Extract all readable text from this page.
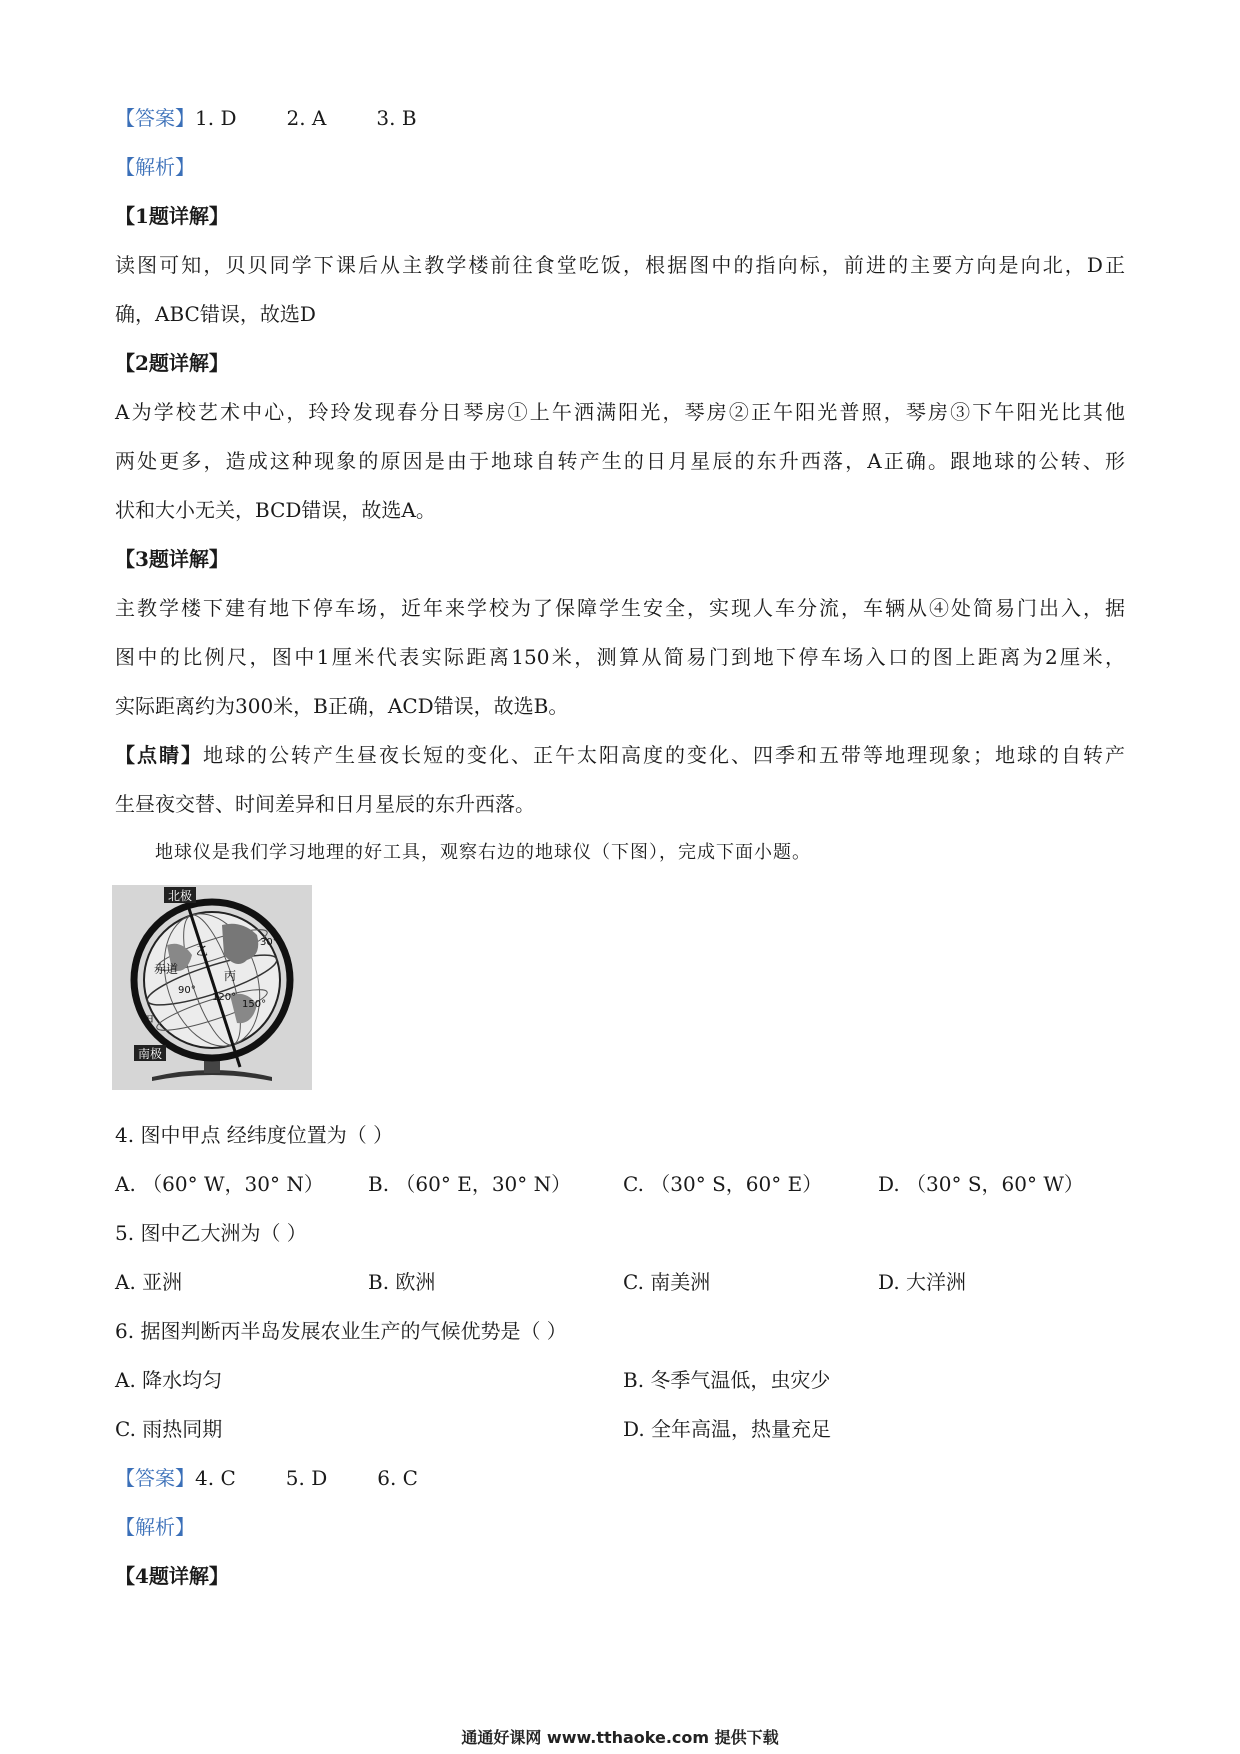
【答案】1. D	2. A	3. B
【解析】
【1题详解】
读图可知，贝贝同学下课后从主教学楼前往食堂吃饭，根据图中的指向标，前进的主要方向是向北，D正
确，ABC错误，故选D
【2题详解】
A为学校艺术中心，玲玲发现春分日琴房①上午洒满阳光，琴房②正午阳光普照，琴房③下午阳光比其他
两处更多，造成这种现象的原因是由于地球自转产生的日月星辰的东升西落，A正确。跟地球的公转、形
状和大小无关，BCD错误，故选A。
【3题详解】
主教学楼下建有地下停车场，近年来学校为了保障学生安全，实现人车分流，车辆从④处简易门出入，据
图中的比例尺，图中1厘米代表实际距离150米，测算从简易门到地下停车场入口的图上距离为2厘米，
实际距离约为300米，B正确，ACD错误，故选B。
【点睛】地球的公转产生昼夜长短的变化、正午太阳高度的变化、四季和五带等地理现象；地球的自转产
生昼夜交替、时间差异和日月星辰的东升西落。
地球仪是我们学习地理的好工具，观察右边的地球仪（下图），完成下面小题。
北极
南极
赤道
甲
乙
丙
90°
120°
150°
30°
4. 图中甲点 经纬度位置为（ ）
A. （60° W，30° N） B. （60° E，30° N）	C. （30° S，60° E）	D. （30° S，60° W）
5. 图中乙大洲为（ ）
A. 亚洲	B. 欧洲	C. 南美洲	D. 大洋洲
6. 据图判断丙半岛发展农业生产的气候优势是（ ）
A. 降水均匀	B. 冬季气温低，虫灾少
C. 雨热同期	D. 全年高温，热量充足
【答案】4. C	5. D	6. C
【解析】
【4题详解】
通通好课网 www.tthaoke.com 提供下载
